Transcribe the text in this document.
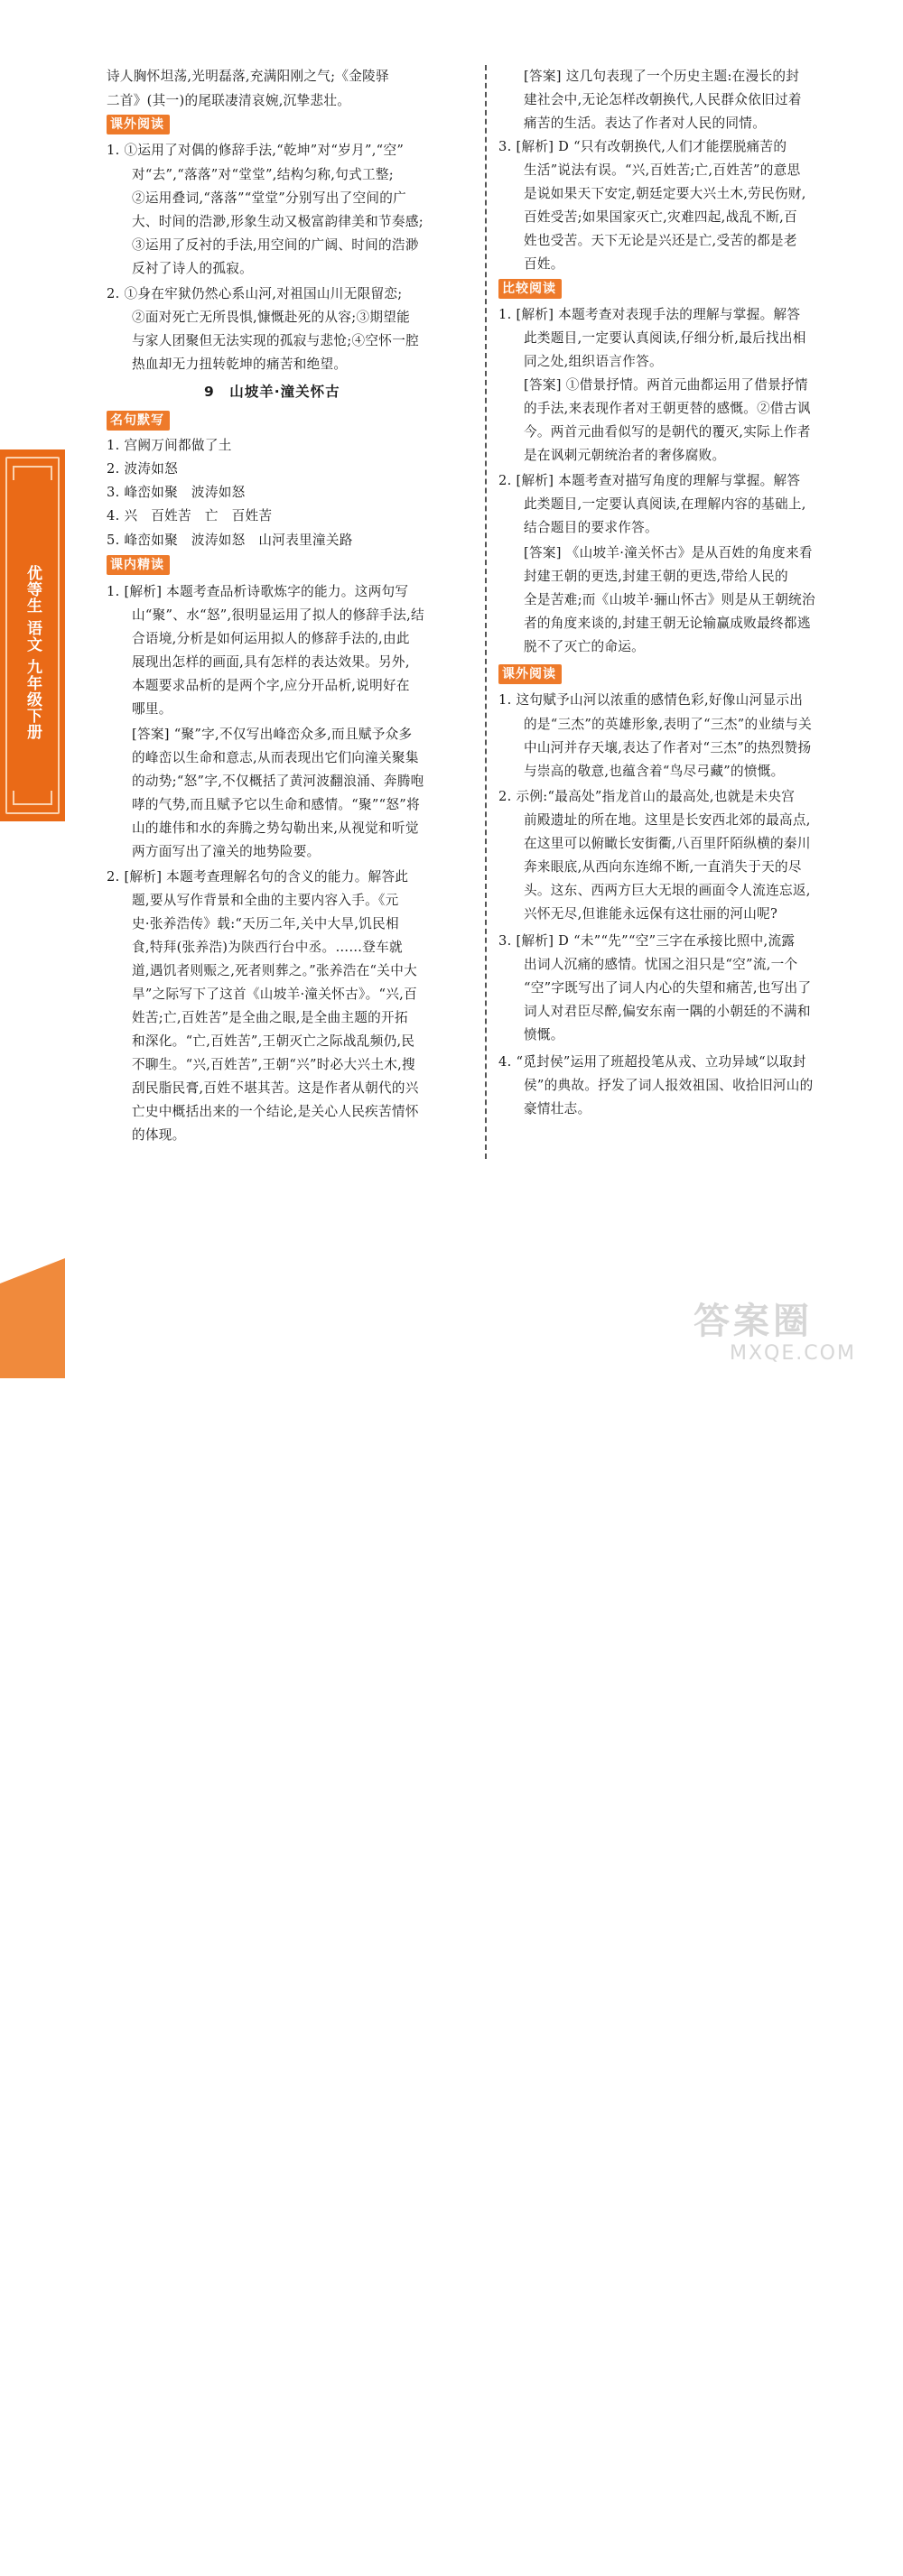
优等生 语文 九年级下册
122
诗人胸怀坦荡,光明磊落,充满阳刚之气;《金陵驿
二首》(其一)的尾联凄清哀婉,沉挚悲壮。
课外阅读
1. ①运用了对偶的修辞手法,“乾坤”对“岁月”,“空”
对“去”,“落落”对“堂堂”,结构匀称,句式工整;
②运用叠词,“落落”“堂堂”分别写出了空间的广
大、时间的浩渺,形象生动又极富韵律美和节奏感;
③运用了反衬的手法,用空间的广阔、时间的浩渺
反衬了诗人的孤寂。
2. ①身在牢狱仍然心系山河,对祖国山川无限留恋;
②面对死亡无所畏惧,慷慨赴死的从容;③期望能
与家人团聚但无法实现的孤寂与悲怆;④空怀一腔
热血却无力扭转乾坤的痛苦和绝望。
9　山坡羊·潼关怀古
名句默写
1. 宫阙万间都做了土
2. 波涛如怒
3. 峰峦如聚　波涛如怒
4. 兴　百姓苦　亡　百姓苦
5. 峰峦如聚　波涛如怒　山河表里潼关路
课内精读
1. [解析] 本题考查品析诗歌炼字的能力。这两句写
山“聚”、水“怒”,很明显运用了拟人的修辞手法,结
合语境,分析是如何运用拟人的修辞手法的,由此
展现出怎样的画面,具有怎样的表达效果。另外,
本题要求品析的是两个字,应分开品析,说明好在
哪里。
[答案] “聚”字,不仅写出峰峦众多,而且赋予众多
的峰峦以生命和意志,从而表现出它们向潼关聚集
的动势;“怒”字,不仅概括了黄河波翻浪涌、奔腾咆
哮的气势,而且赋予它以生命和感情。“聚”“怒”将
山的雄伟和水的奔腾之势勾勒出来,从视觉和听觉
两方面写出了潼关的地势险要。
2. [解析] 本题考查理解名句的含义的能力。解答此
题,要从写作背景和全曲的主要内容入手。《元
史·张养浩传》载:“天历二年,关中大旱,饥民相
食,特拜(张养浩)为陕西行台中丞。……登车就
道,遇饥者则赈之,死者则葬之。”张养浩在“关中大
旱”之际写下了这首《山坡羊·潼关怀古》。“兴,百
姓苦;亡,百姓苦”是全曲之眼,是全曲主题的开拓
和深化。“亡,百姓苦”,王朝灭亡之际战乱频仍,民
不聊生。“兴,百姓苦”,王朝“兴”时必大兴土木,搜
刮民脂民膏,百姓不堪其苦。这是作者从朝代的兴
亡史中概括出来的一个结论,是关心人民疾苦情怀
的体现。
[答案] 这几句表现了一个历史主题:在漫长的封
建社会中,无论怎样改朝换代,人民群众依旧过着
痛苦的生活。表达了作者对人民的同情。
3. [解析] D “只有改朝换代,人们才能摆脱痛苦的
生活”说法有误。“兴,百姓苦;亡,百姓苦”的意思
是说如果天下安定,朝廷定要大兴土木,劳民伤财,
百姓受苦;如果国家灭亡,灾难四起,战乱不断,百
姓也受苦。天下无论是兴还是亡,受苦的都是老
百姓。
比较阅读
1. [解析] 本题考查对表现手法的理解与掌握。解答
此类题目,一定要认真阅读,仔细分析,最后找出相
同之处,组织语言作答。
[答案] ①借景抒情。两首元曲都运用了借景抒情
的手法,来表现作者对王朝更替的感慨。②借古讽
今。两首元曲看似写的是朝代的覆灭,实际上作者
是在讽刺元朝统治者的奢侈腐败。
2. [解析] 本题考查对描写角度的理解与掌握。解答
此类题目,一定要认真阅读,在理解内容的基础上,
结合题目的要求作答。
[答案] 《山坡羊·潼关怀古》是从百姓的角度来看
封建王朝的更迭,封建王朝的更迭,带给人民的
全是苦难;而《山坡羊·骊山怀古》则是从王朝统治
者的角度来谈的,封建王朝无论输赢成败最终都逃
脱不了灭亡的命运。
课外阅读
1. 这句赋予山河以浓重的感情色彩,好像山河显示出
的是“三杰”的英雄形象,表明了“三杰”的业绩与关
中山河并存天壤,表达了作者对“三杰”的热烈赞扬
与崇高的敬意,也蕴含着“鸟尽弓藏”的愤慨。
2. 示例:“最高处”指龙首山的最高处,也就是未央宫
前殿遗址的所在地。这里是长安西北郊的最高点,
在这里可以俯瞰长安街衢,八百里阡陌纵横的秦川
奔来眼底,从西向东连绵不断,一直消失于天的尽
头。这东、西两方巨大无垠的画面令人流连忘返,
兴怀无尽,但谁能永远保有这壮丽的河山呢?
3. [解析] D “未”“先”“空”三字在承接比照中,流露
出词人沉痛的感情。忧国之泪只是“空”流,一个
“空”字既写出了词人内心的失望和痛苦,也写出了
词人对君臣尽醉,偏安东南一隅的小朝廷的不满和
愤慨。
4. “觅封侯”运用了班超投笔从戎、立功异域“以取封
侯”的典故。抒发了词人报效祖国、收拾旧河山的
豪情壮志。
答案圈
MXQE.COM
